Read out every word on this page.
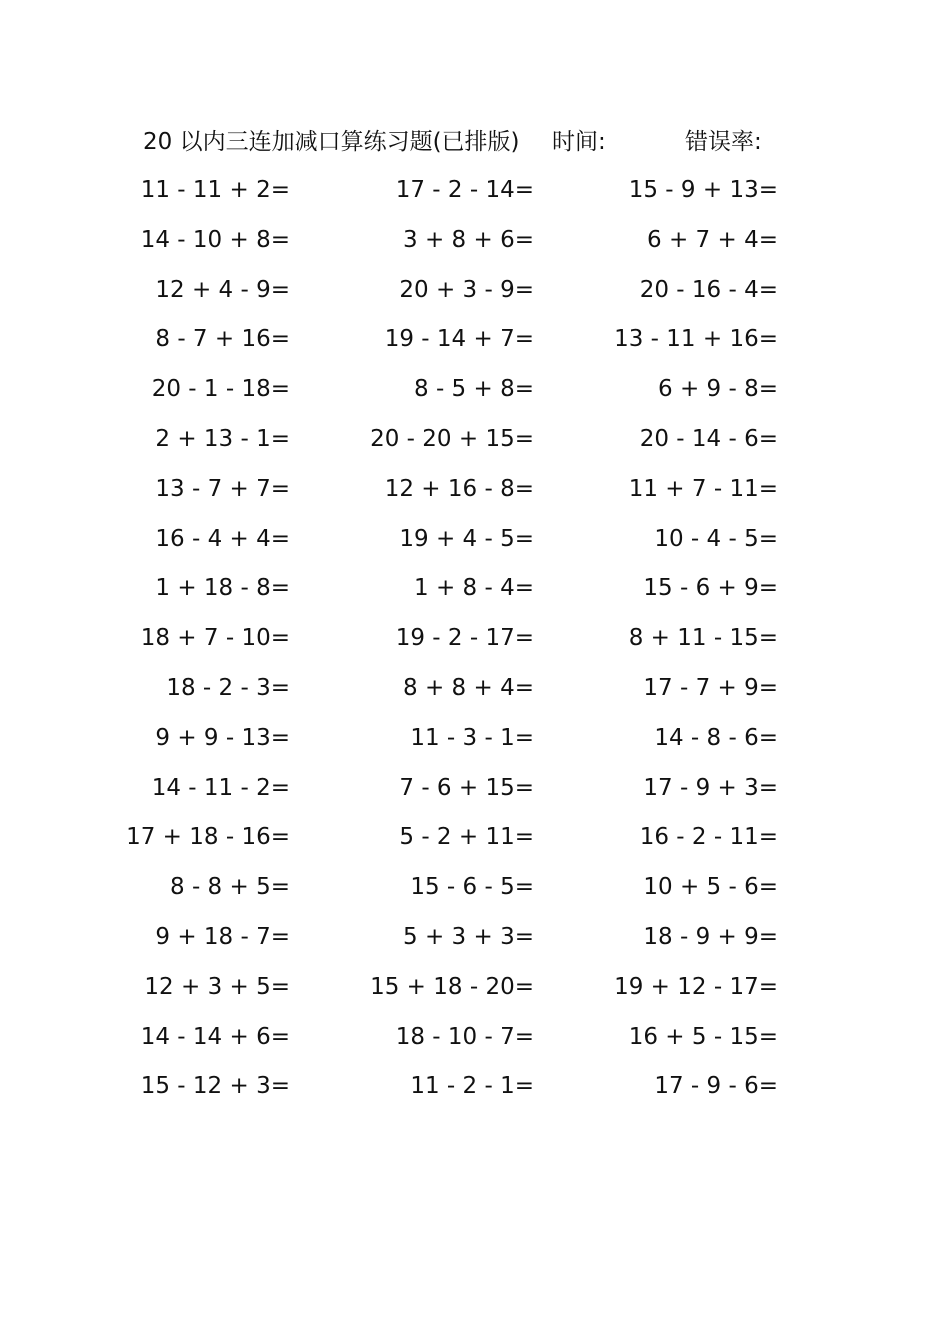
20 以内三连加减口算练习题(已排版) 时间:	错误率:
11 - 11 + 2=	17 - 2 - 14=	15 - 9 + 13=
14 - 10 + 8=	3 + 8 + 6=	6 + 7 + 4=
12 + 4 - 9=	20 + 3 - 9=	20 - 16 - 4=
8 - 7 + 16=	19 - 14 + 7=	13 - 11 + 16=
20 - 1 - 18=	8 - 5 + 8=	6 + 9 - 8=
2 + 13 - 1=	20 - 20 + 15=	20 - 14 - 6=
13 - 7 + 7=	12 + 16 - 8=	11 + 7 - 11=
16 - 4 + 4=	19 + 4 - 5=	10 - 4 - 5=
1 + 18 - 8=	1 + 8 - 4=	15 - 6 + 9=
18 + 7 - 10=	19 - 2 - 17=	8 + 11 - 15=
18 - 2 - 3=	8 + 8 + 4=	17 - 7 + 9=
9 + 9 - 13=	11 - 3 - 1=	14 - 8 - 6=
14 - 11 - 2=	7 - 6 + 15=	17 - 9 + 3=
17 + 18 - 16=	5 - 2 + 11=	16 - 2 - 11=
8 - 8 + 5=	15 - 6 - 5=	10 + 5 - 6=
9 + 18 - 7=	5 + 3 + 3=	18 - 9 + 9=
12 + 3 + 5=	15 + 18 - 20=	19 + 12 - 17=
14 - 14 + 6=	18 - 10 - 7=	16 + 5 - 15=
15 - 12 + 3=	11 - 2 - 1=	17 - 9 - 6=
